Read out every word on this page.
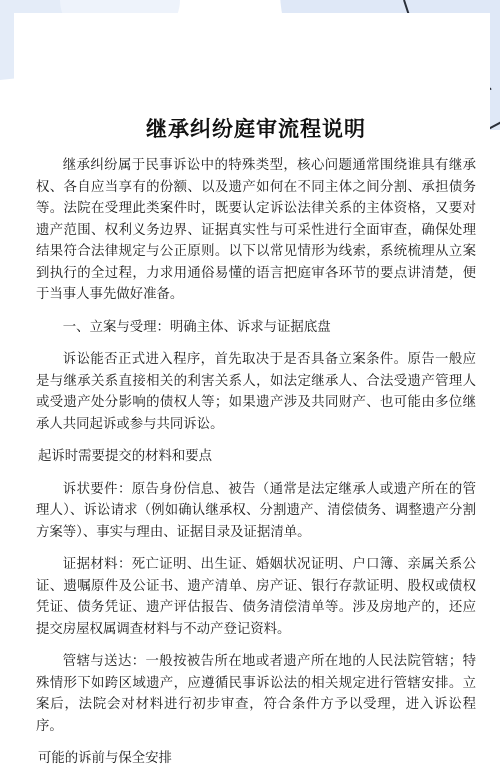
继承纠纷庭审流程说明

继承纠纷属于民事诉讼中的特殊类型，核心问题通常围绕谁具有继承权、各自应当享有的份额、以及遗产如何在不同主体之间分割、承担债务等。法院在受理此类案件时，既要认定诉讼法律关系的主体资格，又要对遗产范围、权利义务边界、证据真实性与可采性进行全面审查，确保处理结果符合法律规定与公正原则。以下以常见情形为线索，系统梳理从立案到执行的全过程，力求用通俗易懂的语言把庭审各环节的要点讲清楚，便于当事人事先做好准备。

一、立案与受理：明确主体、诉求与证据底盘

诉讼能否正式进入程序，首先取决于是否具备立案条件。原告一般应是与继承关系直接相关的利害关系人，如法定继承人、合法受遗产管理人或受遗产处分影响的债权人等；如果遗产涉及共同财产、也可能由多位继承人共同起诉或参与共同诉讼。

起诉时需要提交的材料和要点

诉状要件：原告身份信息、被告（通常是法定继承人或遗产所在的管理人）、诉讼请求（例如确认继承权、分割遗产、清偿债务、调整遗产分割方案等）、事实与理由、证据目录及证据清单。

证据材料：死亡证明、出生证、婚姻状况证明、户口簿、亲属关系公证、遗嘱原件及公证书、遗产清单、房产证、银行存款证明、股权或债权凭证、债务凭证、遗产评估报告、债务清偿清单等。涉及房地产的，还应提交房屋权属调查材料与不动产登记资料。

管辖与送达：一般按被告所在地或者遗产所在地的人民法院管辖；特殊情形下如跨区域遗产，应遵循民事诉讼法的相关规定进行管辖安排。立案后，法院会对材料进行初步审查，符合条件方予以受理，进入诉讼程序。

可能的诉前与保全安排
